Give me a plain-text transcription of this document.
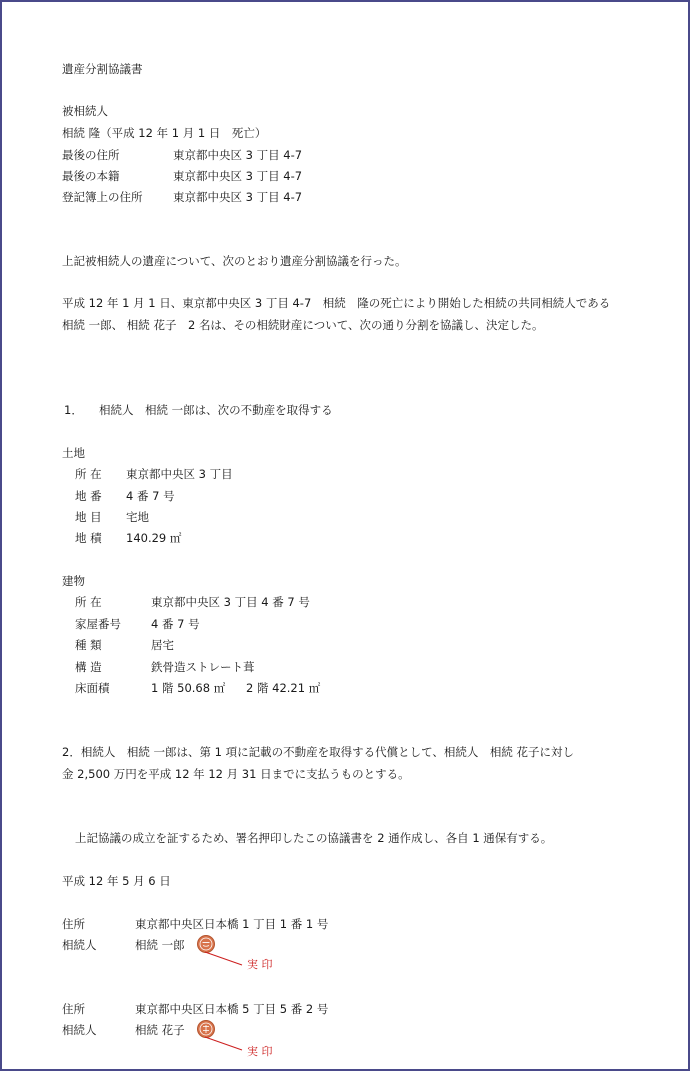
遺産分割協議書
被相続人
相続 隆（平成 12 年 1 月 1 日　死亡）
最後の住所	東京都中央区 3 丁目 4-7
最後の本籍	東京都中央区 3 丁目 4-7
登記簿上の住所	東京都中央区 3 丁目 4-7
上記被相続人の遺産について、次のとおり遺産分割協議を行った。
平成 12 年 1 月 1 日、東京都中央区 3 丁目 4-7　相続　隆の死亡により開始した相続の共同相続人である
相続 一郎、 相続 花子　2 名は、その相続財産について、次の通り分割を協議し、決定した。
1． 相続人　相続 一郎は、次の不動産を取得する
土地
所 在 東京都中央区 3 丁目
地 番 4 番 7 号
地 目 宅地
地 積 140.29 ㎡
建物
所 在	東京都中央区 3 丁目 4 番 7 号
家屋番号	4 番 7 号
種 類	居宅
構 造	鉄骨造ストレート葺
床面積	1 階 50.68 ㎡ 2 階 42.21 ㎡
2．相続人　相続 一郎は、第 1 項に記載の不動産を取得する代償として、相続人　相続 花子に対し
金 2,500 万円を平成 12 年 12 月 31 日までに支払うものとする。
上記協議の成立を証するため、署名押印したこの協議書を 2 通作成し、各自 1 通保有する。
平成 12 年 5 月 6 日
住所	東京都中央区日本橋 1 丁目 1 番 1 号
相続人	相続 一郎
実 印
住所	東京都中央区日本橋 5 丁目 5 番 2 号
相続人	相続 花子
実 印
